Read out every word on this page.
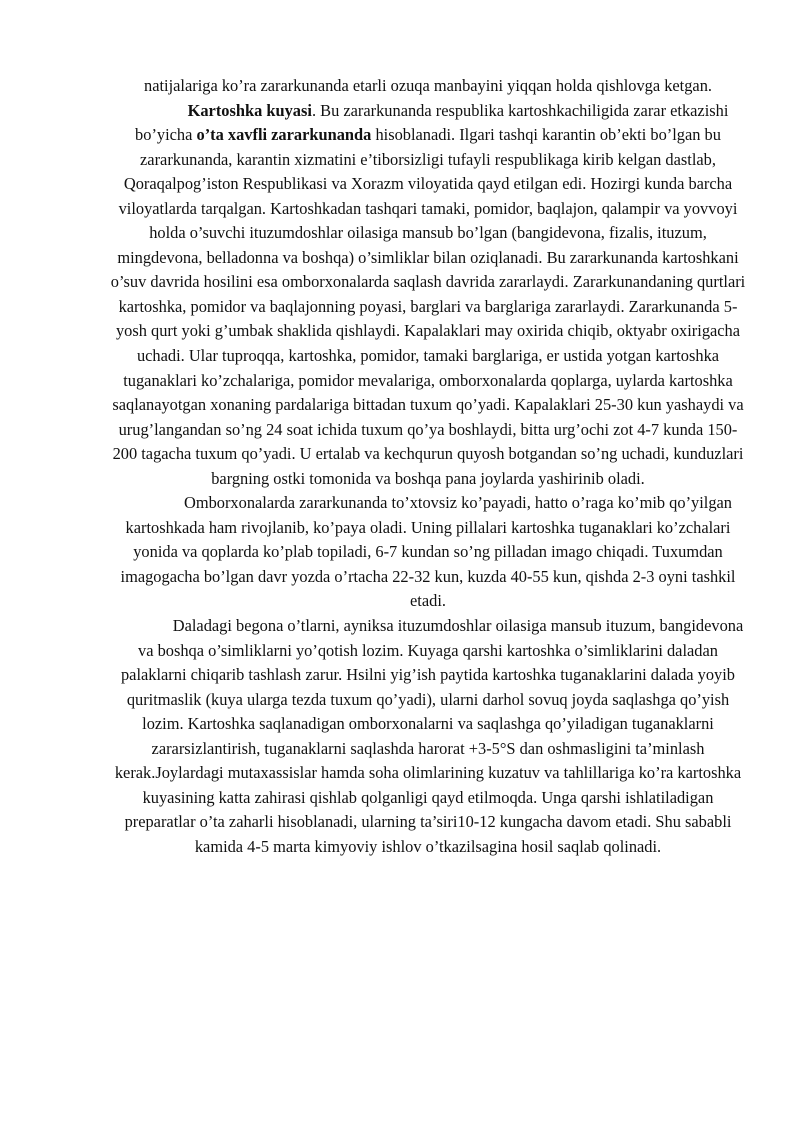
natijalariga ko’ra zararkunanda etarli ozuqa manbayini yiqqan holda qishlovga ketgan.

Kartoshka kuyasi. Bu zararkunanda respublika kartoshkachiligida zarar etkazishi bo’yicha o’ta xavfli zararkunanda hisoblanadi. Ilgari tashqi karantin ob’ekti bo’lgan bu zararkunanda, karantin xizmatini e’tiborsizligi tufayli respublikaga kirib kelgan dastlab, Qoraqalpog’iston Respublikasi va Xorazm viloyatida qayd etilgan edi. Hozirgi kunda barcha viloyatlarda tarqalgan. Kartoshkadan tashqari tamaki, pomidor, baqlajon, qalampir va yovvoyi holda o’suvchi ituzumdoshlar oilasiga mansub bo’lgan (bangidevona, fizalis, ituzum, mingdevona, belladonna va boshqa) o’simliklar bilan oziqlanadi. Bu zararkunanda kartoshkani o’suv davrida hosilini esa omborxonalarda saqlash davrida zararlaydi. Zararkunandaning qurtlari kartoshka, pomidor va baqlajonning poyasi, barglari va barglariga zararlaydi. Zararkunanda 5-yosh qurt yoki g’umbak shaklida qishlaydi. Kapalaklari may oxirida chiqib, oktyabr oxirigacha uchadi. Ular tuproqqa, kartoshka, pomidor, tamaki barglariga, er ustida yotgan kartoshka tuganaklari ko’zchalariga, pomidor mevalariga, omborxonalarda qoplarga, uylarda kartoshka saqlanayotgan xonaning pardalariga bittadan tuxum qo’yadi. Kapalaklari 25-30 kun yashaydi va urug’langandan so’ng 24 soat ichida tuxum qo’ya boshlaydi, bitta urg’ochi zot 4-7 kunda 150-200 tagacha tuxum qo’yadi. U ertalab va kechqurun quyosh botgandan so’ng uchadi, kunduzlari bargning ostki tomonida va boshqa pana joylarda yashirinib oladi.

Omborxonalarda zararkunanda to’xtovsiz ko’payadi, hatto o’raga ko’mib qo’yilgan kartoshkada ham rivojlanib, ko’paya oladi. Uning pillalari kartoshka tuganaklari ko’zchalari yonida va qoplarda ko’plab topiladi, 6-7 kundan so’ng pilladan imago chiqadi. Tuxumdan imagogacha bo’lgan davr yozda o’rtacha 22-32 kun, kuzda 40-55 kun, qishda 2-3 oyni tashkil etadi.

Daladagi begona o’tlarni, ayniksa ituzumdoshlar oilasiga mansub ituzum, bangidevona va boshqa o’simliklarni yo’qotish lozim. Kuyaga qarshi kartoshka o’simliklarini daladan palaklarni chiqarib tashlash zarur. Hsilni yig’ish paytida kartoshka tuganaklarini dalada yoyib quritmaslik (kuya ularga tezda tuxum qo’yadi), ularni darhol sovuq joyda saqlashga qo’yish lozim. Kartoshka saqlanadigan omborxonalarni va saqlashga qo’yiladigan tuganaklarni zararsizlantirish, tuganaklarni saqlashda harorat +3-5°S dan oshmasligini ta’minlash kerak.Joylardagi mutaxassislar hamda soha olimlarining kuzatuv va tahlillariga ko’ra kartoshka kuyasining katta zahirasi qishlab qolganligi qayd etilmoqda. Unga qarshi ishlatiladigan preparatlar o’ta zaharli hisoblanadi, ularning ta’siri10-12 kungacha davom etadi. Shu sababli kamida 4-5 marta kimyoviy ishlov o’tkazilsagina hosil saqlab qolinadi.
